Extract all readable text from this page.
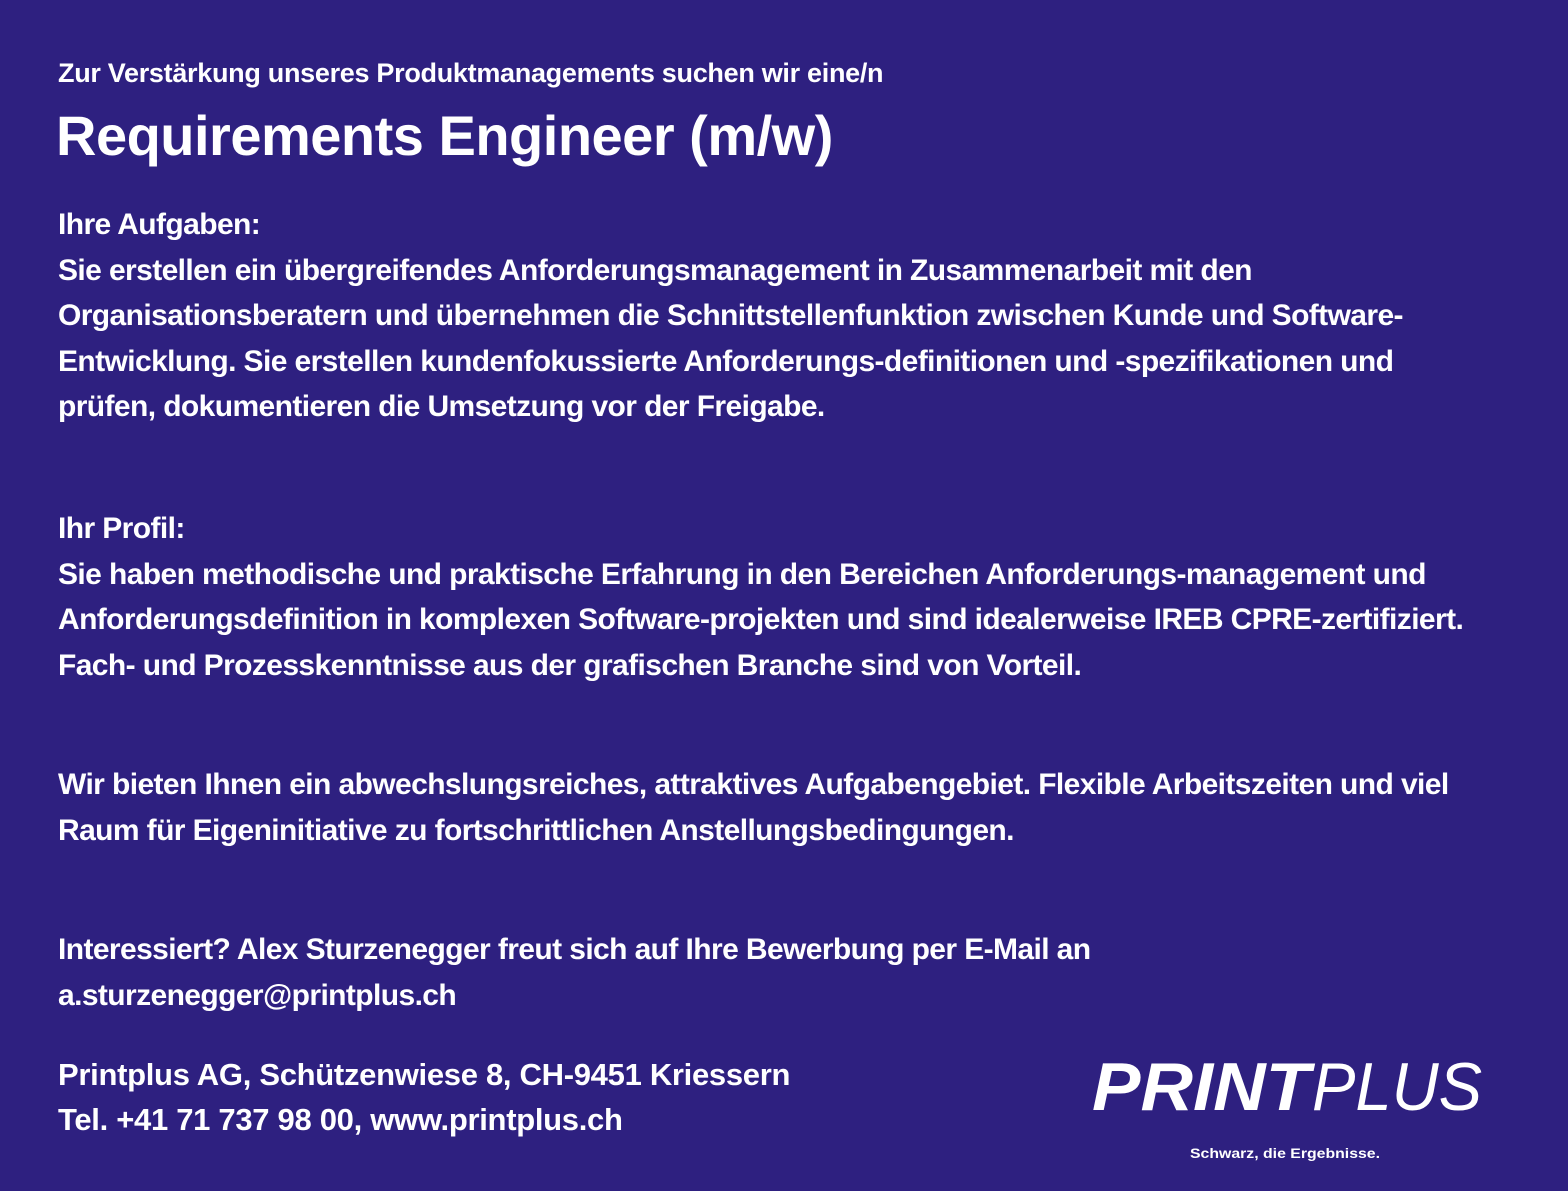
Zur Verstärkung unseres Produktmanagements suchen wir eine/n
Requirements Engineer (m/w)

Ihre Aufgaben:

Sie erstellen ein übergreifendes Anforderungsmanagement in Zusammenarbeit mit den Organisationsberatern und übernehmen die Schnittstellenfunktion zwischen Kunde und Software-Entwicklung. Sie erstellen kundenfokussierte Anforderungs-definitionen und -spezifikationen und prüfen, dokumentieren die Umsetzung vor der Freigabe.

Ihr Profil:

Sie haben methodische und praktische Erfahrung in den Bereichen Anforderungs-management und Anforderungsdefinition in komplexen Software-projekten und sind idealerweise IREB CPRE-zertifiziert. Fach- und Prozesskenntnisse aus der grafischen Branche sind von Vorteil.

Wir bieten Ihnen ein abwechslungsreiches, attraktives Aufgabengebiet. Flexible Arbeitszeiten und viel Raum für Eigeninitiative zu fortschrittlichen Anstellungsbedingungen.

Interessiert? Alex Sturzenegger freut sich auf Ihre Bewerbung per E-Mail an

a.sturzenegger@printplus.ch

Printplus AG, Schützenwiese 8, CH-9451 Kriessern
Tel. +41 71 737 98 00, www.printplus.ch	PRINT
PLUS
Schwarz, die Ergebnisse.
